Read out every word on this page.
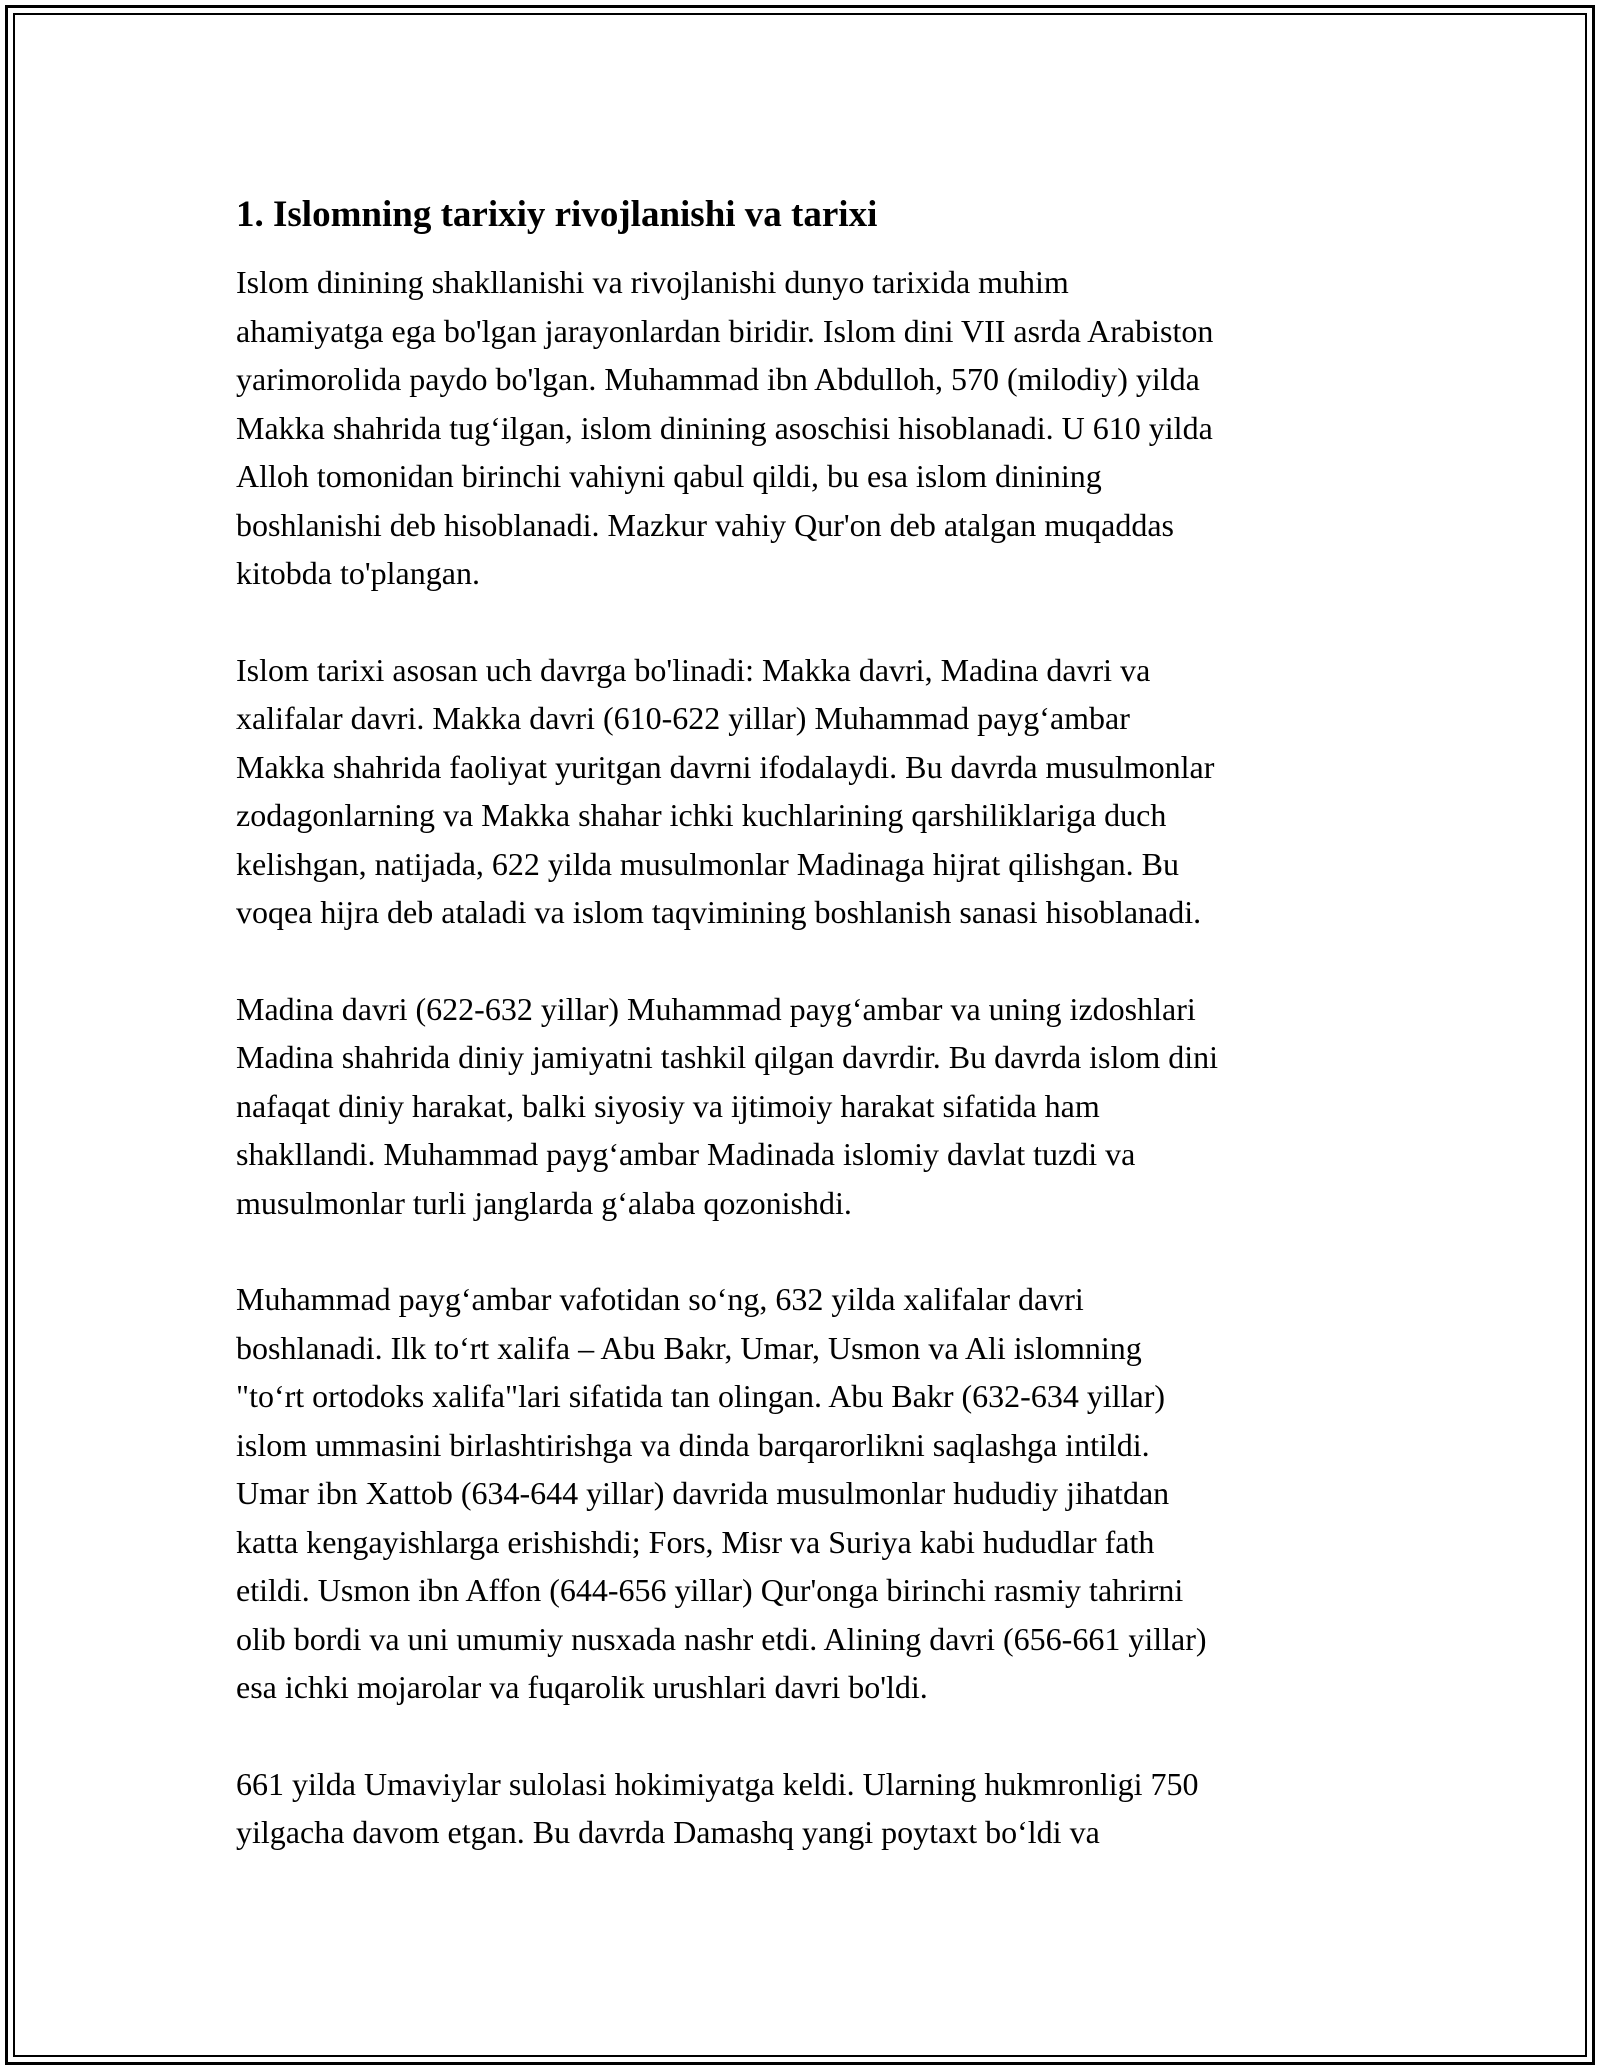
1. Islomning tarixiy rivojlanishi va tarixi

Islom dinining shakllanishi va rivojlanishi dunyo tarixida muhim
ahamiyatga ega bo'lgan jarayonlardan biridir. Islom dini VII asrda Arabiston
yarimorolida paydo bo'lgan. Muhammad ibn Abdulloh, 570 (milodiy) yilda
Makka shahrida tug‘ilgan, islom dinining asoschisi hisoblanadi. U 610 yilda
Alloh tomonidan birinchi vahiyni qabul qildi, bu esa islom dinining
boshlanishi deb hisoblanadi. Mazkur vahiy Qur'on deb atalgan muqaddas
kitobda to'plangan.

Islom tarixi asosan uch davrga bo'linadi: Makka davri, Madina davri va
xalifalar davri. Makka davri (610-622 yillar) Muhammad payg‘ambar
Makka shahrida faoliyat yuritgan davrni ifodalaydi. Bu davrda musulmonlar
zodagonlarning va Makka shahar ichki kuchlarining qarshiliklariga duch
kelishgan, natijada, 622 yilda musulmonlar Madinaga hijrat qilishgan. Bu
voqea hijra deb ataladi va islom taqvimining boshlanish sanasi hisoblanadi.

Madina davri (622-632 yillar) Muhammad payg‘ambar va uning izdoshlari
Madina shahrida diniy jamiyatni tashkil qilgan davrdir. Bu davrda islom dini
nafaqat diniy harakat, balki siyosiy va ijtimoiy harakat sifatida ham
shakllandi. Muhammad payg‘ambar Madinada islomiy davlat tuzdi va
musulmonlar turli janglarda g‘alaba qozonishdi.

Muhammad payg‘ambar vafotidan so‘ng, 632 yilda xalifalar davri
boshlanadi. Ilk to‘rt xalifa – Abu Bakr, Umar, Usmon va Ali islomning
"to‘rt ortodoks xalifa"lari sifatida tan olingan. Abu Bakr (632-634 yillar)
islom ummasini birlashtirishga va dinda barqarorlikni saqlashga intildi.
Umar ibn Xattob (634-644 yillar) davrida musulmonlar hududiy jihatdan
katta kengayishlarga erishishdi; Fors, Misr va Suriya kabi hududlar fath
etildi. Usmon ibn Affon (644-656 yillar) Qur'onga birinchi rasmiy tahrirni
olib bordi va uni umumiy nusxada nashr etdi. Alining davri (656-661 yillar)
esa ichki mojarolar va fuqarolik urushlari davri bo'ldi.

661 yilda Umaviylar sulolasi hokimiyatga keldi. Ularning hukmronligi 750
yilgacha davom etgan. Bu davrda Damashq yangi poytaxt bo‘ldi va
